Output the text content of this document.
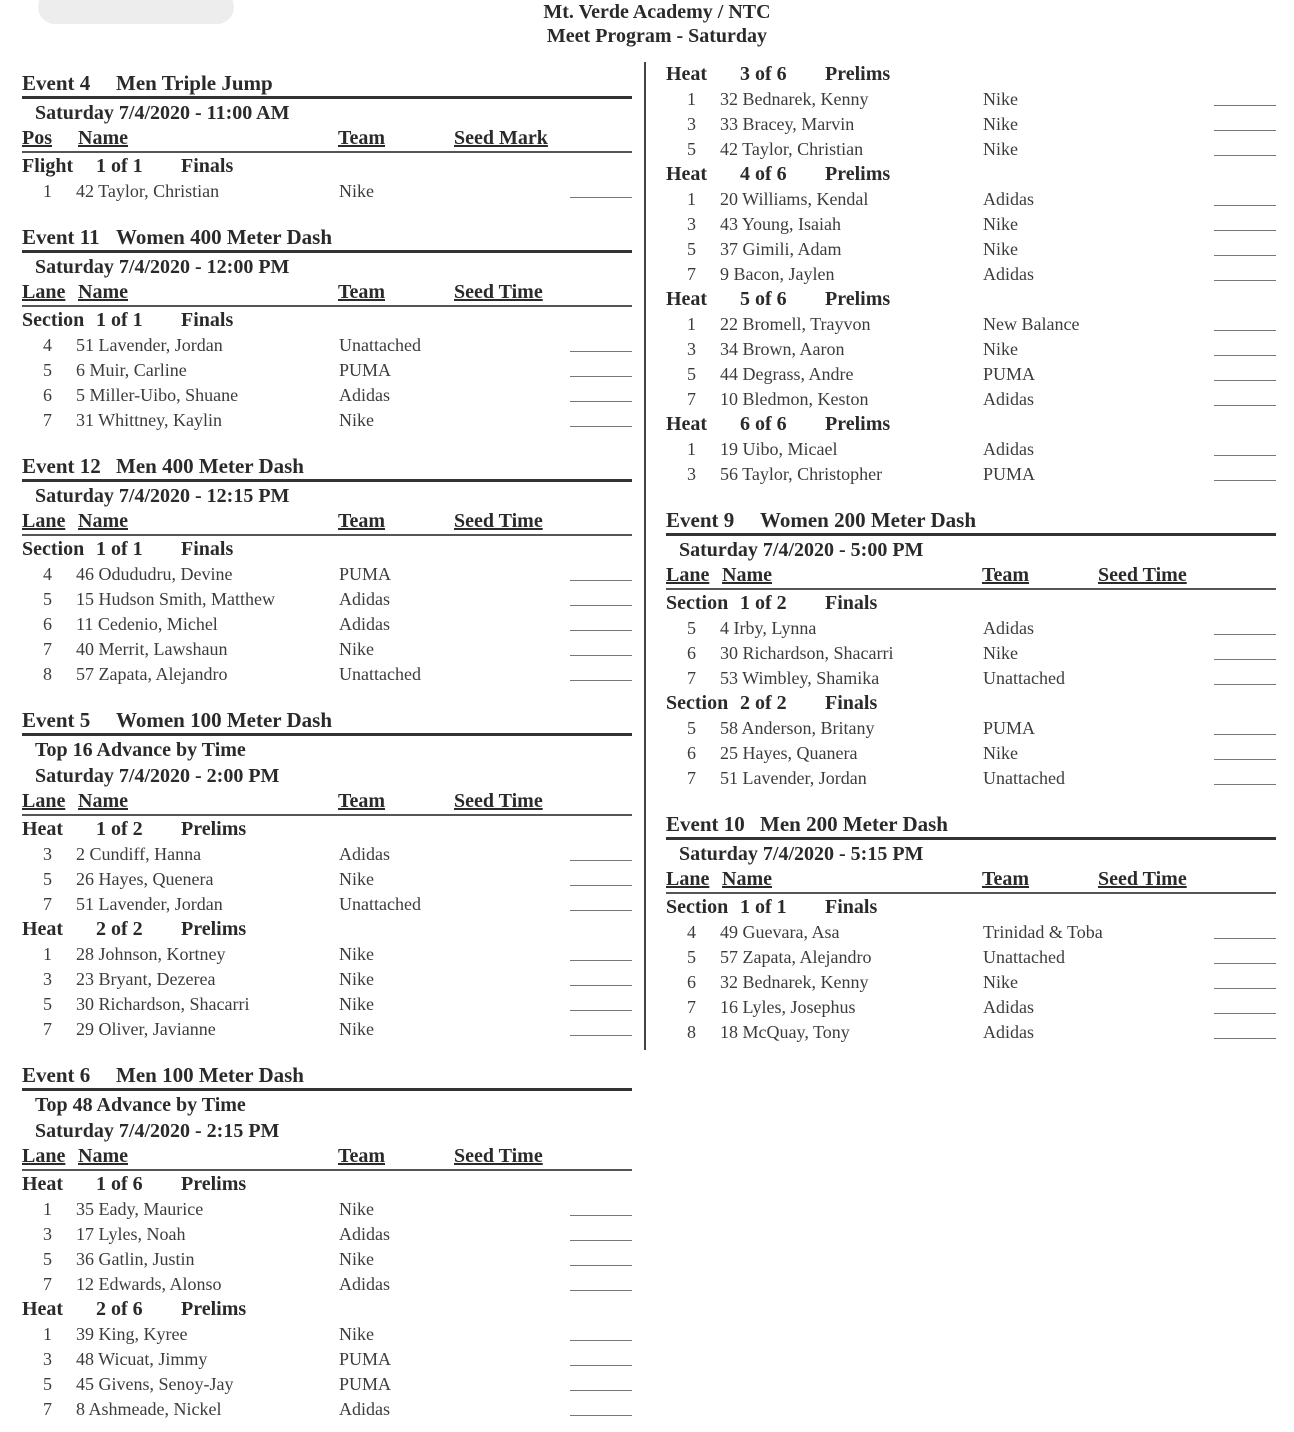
Mt. Verde Academy / NTC
Meet Program - Saturday
Event 4	Men Triple Jump
Saturday 7/4/2020 - 11:00 AM
Pos Name	Team	Seed Mark
Flight	1 of 1	Finals
1 42 Taylor, Christian	Nike
Event 11 Women 400 Meter Dash
Saturday 7/4/2020 - 12:00 PM
Lane Name	Team	Seed Time
Section 1 of 1	Finals
4 51 Lavender, Jordan	Unattached
5 6 Muir, Carline	PUMA
6 5 Miller-Uibo, Shuane	Adidas
7 31 Whittney, Kaylin	Nike
Event 12 Men 400 Meter Dash
Saturday 7/4/2020 - 12:15 PM
Lane Name	Team	Seed Time
Section 1 of 1	Finals
4 46 Odududru, Devine	PUMA
5 15 Hudson Smith, Matthew	Adidas
6 11 Cedenio, Michel	Adidas
7 40 Merrit, Lawshaun	Nike
8 57 Zapata, Alejandro	Unattached
Event 5	Women 100 Meter Dash
Top 16 Advance by Time
Saturday 7/4/2020 - 2:00 PM
Lane Name	Team	Seed Time
Heat	1 of 2	Prelims
3 2 Cundiff, Hanna	Adidas
5 26 Hayes, Quenera	Nike
7 51 Lavender, Jordan	Unattached
Heat	2 of 2	Prelims
1 28 Johnson, Kortney	Nike
3 23 Bryant, Dezerea	Nike
5 30 Richardson, Shacarri	Nike
7 29 Oliver, Javianne	Nike
Event 6	Men 100 Meter Dash
Top 48 Advance by Time
Saturday 7/4/2020 - 2:15 PM
Lane Name	Team	Seed Time
Heat	1 of 6	Prelims
1 35 Eady, Maurice	Nike
3 17 Lyles, Noah	Adidas
5 36 Gatlin, Justin	Nike
7 12 Edwards, Alonso	Adidas
Heat	2 of 6	Prelims
1 39 King, Kyree	Nike
3 48 Wicuat, Jimmy	PUMA
5 45 Givens, Senoy-Jay	PUMA
7 8 Ashmeade, Nickel	Adidas
Heat	3 of 6	Prelims
1 32 Bednarek, Kenny	Nike
3 33 Bracey, Marvin	Nike
5 42 Taylor, Christian	Nike
Heat	4 of 6	Prelims
1 20 Williams, Kendal	Adidas
3 43 Young, Isaiah	Nike
5 37 Gimili, Adam	Nike
7 9 Bacon, Jaylen	Adidas
Heat	5 of 6	Prelims
1 22 Bromell, Trayvon	New Balance
3 34 Brown, Aaron	Nike
5 44 Degrass, Andre	PUMA
7 10 Bledmon, Keston	Adidas
Heat	6 of 6	Prelims
1 19 Uibo, Micael	Adidas
3 56 Taylor, Christopher	PUMA
Event 9	Women 200 Meter Dash
Saturday 7/4/2020 - 5:00 PM
Lane Name	Team	Seed Time
Section 1 of 2	Finals
5 4 Irby, Lynna	Adidas
6 30 Richardson, Shacarri	Nike
7 53 Wimbley, Shamika	Unattached
Section 2 of 2	Finals
5 58 Anderson, Britany	PUMA
6 25 Hayes, Quanera	Nike
7 51 Lavender, Jordan	Unattached
Event 10 Men 200 Meter Dash
Saturday 7/4/2020 - 5:15 PM
Lane Name	Team	Seed Time
Section 1 of 1	Finals
4 49 Guevara, Asa	Trinidad & Toba
5 57 Zapata, Alejandro	Unattached
6 32 Bednarek, Kenny	Nike
7 16 Lyles, Josephus	Adidas
8 18 McQuay, Tony	Adidas
